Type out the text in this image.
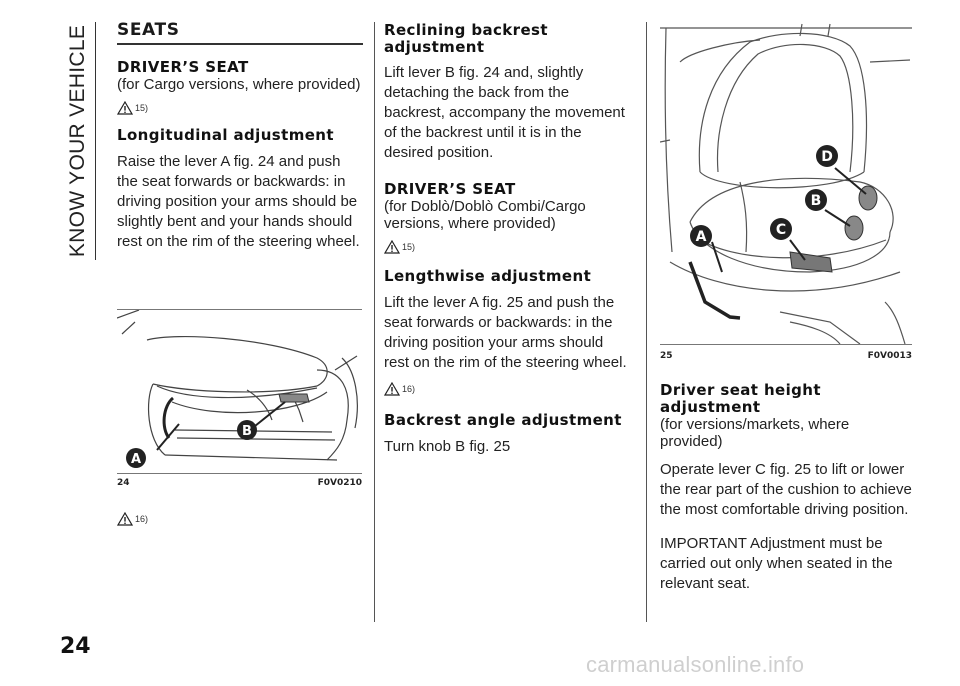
KNOW YOUR VEHICLE SEATS
DRIVER’S SEAT

(for Cargo versions, where provided)

15)
Longitudinal adjustment

Raise the lever A fig. 24 and push the seat forwards or backwards: in driving position your arms should be slightly bent and your hands should rest on the rim of the steering wheel.

A
B
24	F0V0210
16)
Reclining backrest adjustment

Lift lever B fig. 24 and, slightly detaching the back from the backrest, accompany the movement of the backrest until it is in the desired position.

DRIVER’S SEAT

(for Doblò/Doblò Combi/Cargo versions, where provided)

15)
Lengthwise adjustment

Lift the lever A fig. 25 and push the seat forwards or backwards: in the driving position your arms should rest on the rim of the steering wheel.

16)
Backrest angle adjustment

Turn knob B fig. 25

A
B
C
D
25	F0V0013
Driver seat height adjustment

(for versions/markets, where provided)

Operate lever C fig. 25 to lift or lower the rear part of the cushion to achieve the most comfortable driving position.

IMPORTANT Adjustment must be carried out only when seated in the relevant seat.

24
carmanualsonline.info
